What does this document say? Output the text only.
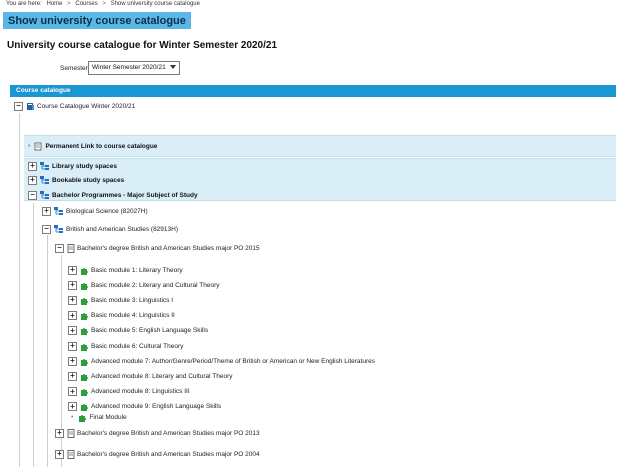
You are here: Home > Courses > Show university course catalogue
Show university course catalogue
University course catalogue for Winter Semester 2020/21
Semester Winter Semester 2020/21
Course catalogue
−	Course Catalogue Winter 2020/21
• Permanent Link to course catalogue
+	Library study spaces
+	Bookable study spaces
−	Bachelor Programmes - Major Subject of Study
+	Biological Science (82027H)
−	British and American Studies (82913H)
−	Bachelor's degree British and American Studies major PO 2015
+	Basic module 1: Literary Theory
+	Basic module 2: Literary and Cultural Theory
+	Basic module 3: Linguistics I
+	Basic module 4: Linguistics II
+	Basic module 5: English Language Skills
+	Basic module 6: Cultural Theory
+	Advanced module 7: Author/Genre/Period/Theme of British or American or New English Literatures
+	Advanced module 8: Literary and Cultural Theory
+	Advanced module 8: Linguistics III
+	Advanced module 9: English Language Skills
• Final Module
+	Bachelor's degree British and American Studies major PO 2013
+	Bachelor's degree British and American Studies major PO 2004
